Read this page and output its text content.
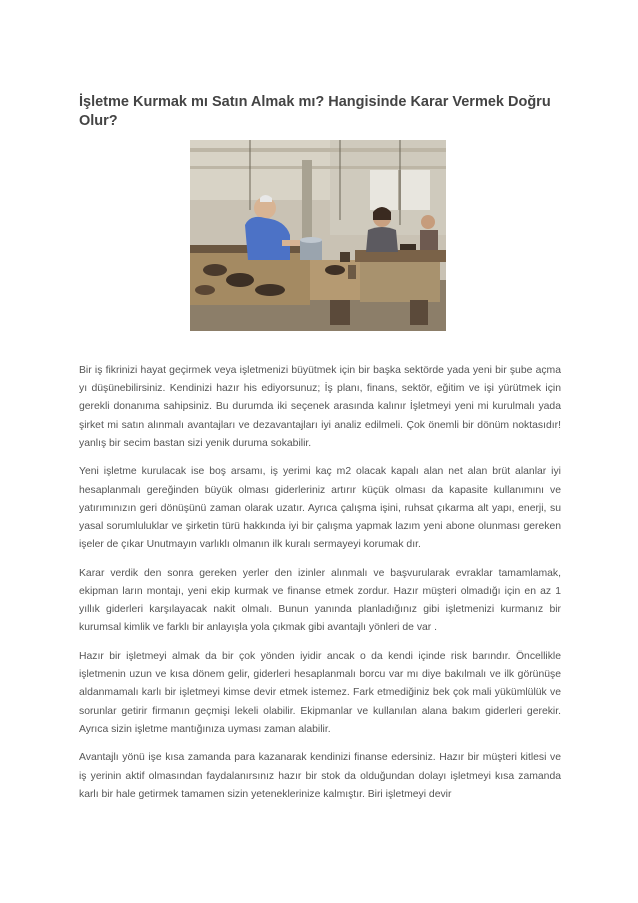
İşletme Kurmak mı Satın Almak mı? Hangisinde Karar Vermek Doğru Olur?

Bir iş fikrinizi hayat geçirmek veya işletmenizi büyütmek için bir başka sektörde yada yeni bir şube açma yı düşünebilirsiniz. Kendinizi hazır his ediyorsunuz; İş planı, finans, sektör, eğitim ve işi yürütmek için gerekli donanıma sahipsiniz. Bu durumda iki seçenek arasında kalınır İşletmeyi yeni mi kurulmalı yada şirket mi satın alınmalı avantajları ve dezavantajları iyi analiz edilmeli. Çok önemli bir dönüm noktasıdır! yanlış bir secim bastan sizi yenik duruma sokabilir.

Yeni işletme kurulacak ise boş arsamı, iş yerimi kaç m2 olacak kapalı alan net alan brüt alanlar iyi hesaplanmalı gereğinden büyük olması giderleriniz artırır küçük olması da kapasite kullanımını ve yatırımınızın geri dönüşünü zaman olarak uzatır. Ayrıca çalışma işini, ruhsat çıkarma alt yapı, enerji, su yasal sorumluluklar ve şirketin türü hakkında iyi bir çalışma yapmak lazım yeni abone olunması gereken işeler de çıkar Unutmayın varlıklı olmanın ilk kuralı sermayeyi korumak dır.

Karar verdik den sonra gereken yerler den izinler alınmalı ve başvurularak evraklar tamamlamak, ekipman ların montajı, yeni ekip kurmak ve finanse etmek zordur. Hazır müşteri olmadığı için en az 1 yıllık giderleri karşılayacak nakit olmalı. Bunun yanında planladığınız gibi işletmenizi kurmanız bir kurumsal kimlik ve farklı bir anlayışla yola çıkmak gibi avantajlı yönleri de var .

Hazır bir işletmeyi almak da bir çok yönden iyidir ancak o da kendi içinde risk barındır. Öncellikle işletmenin uzun ve kısa dönem gelir, giderleri hesaplanmalı borcu var mı diye bakılmalı ve ilk görünüşe aldanmamalı karlı bir işletmeyi kimse devir etmek istemez. Fark etmediğiniz bek çok mali yükümlülük ve sorunlar getirir firmanın geçmişi lekeli olabilir. Ekipmanlar ve kullanılan alana bakım giderleri gerekir. Ayrıca sizin işletme mantığınıza uyması zaman alabilir.

Avantajlı yönü işe kısa zamanda para kazanarak kendinizi finanse edersiniz. Hazır bir müşteri kitlesi ve iş yerinin aktif olmasından faydalanırsınız hazır bir stok da olduğundan dolayı işletmeyi kısa zamanda karlı bir hale getirmek tamamen sizin yeteneklerinize kalmıştır. Biri işletmeyi devir
